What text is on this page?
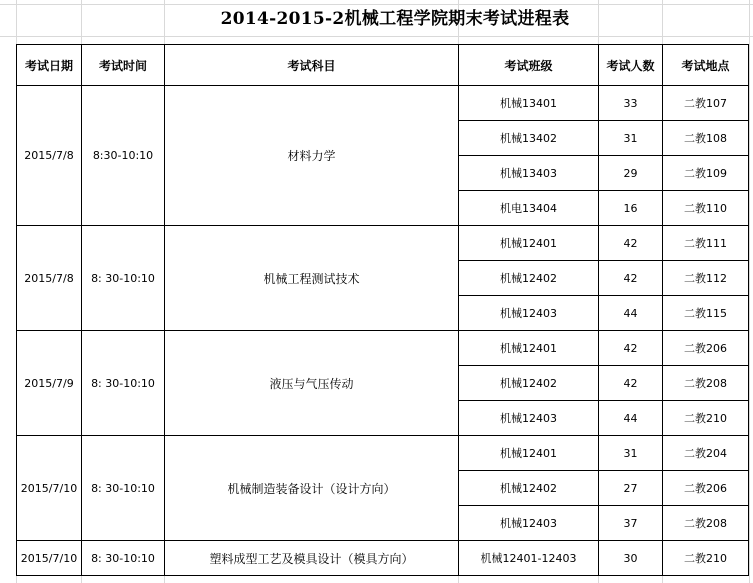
2014-2015-2机械工程学院期末考试进程表
考试日期	考试时间	考试科目	考试班级	考试人数	考试地点
2015/7/8	8:30-10:10	材料力学	机械13401	33	二教107
			机械13402	31	二教108
			机械13403	29	二教109
			机电13404	16	二教110
2015/7/8	8: 30-10:10	机械工程测试技术	机械12401	42	二教111
			机械12402	42	二教112
			机械12403	44	二教115
2015/7/9	8: 30-10:10	液压与气压传动	机械12401	42	二教206
			机械12402	42	二教208
			机械12403	44	二教210
2015/7/10	8: 30-10:10	机械制造装备设计（设计方向）	机械12401	31	二教204
			机械12402	27	二教206
			机械12403	37	二教208
2015/7/10	8: 30-10:10	塑料成型工艺及模具设计（模具方向）	机械12401-12403	30	二教210
